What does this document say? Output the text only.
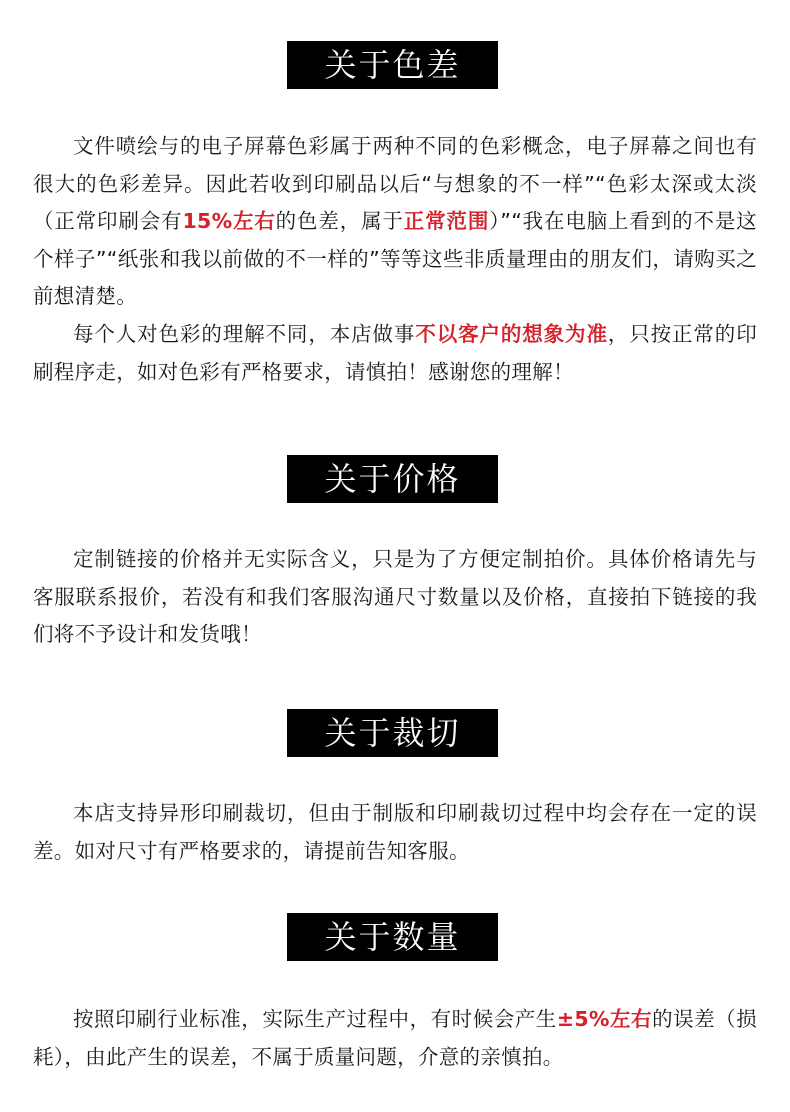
关于色差

文件喷绘与的电子屏幕色彩属于两种不同的色彩概念，电子屏幕之间也有很大的色彩差异。因此若收到印刷品以后“与想象的不一样”“色彩太深或太淡（正常印刷会有15%左右的色差，属于正常范围）”“我在电脑上看到的不是这个样子”“纸张和我以前做的不一样的”等等这些非质量理由的朋友们，请购买之前想清楚。

每个人对色彩的理解不同，本店做事不以客户的想象为准，只按正常的印刷程序走，如对色彩有严格要求，请慎拍！感谢您的理解！

关于价格

定制链接的价格并无实际含义，只是为了方便定制拍价。具体价格请先与客服联系报价，若没有和我们客服沟通尺寸数量以及价格，直接拍下链接的我们将不予设计和发货哦！

关于裁切

本店支持异形印刷裁切，但由于制版和印刷裁切过程中均会存在一定的误差。如对尺寸有严格要求的，请提前告知客服。

关于数量

按照印刷行业标准，实际生产过程中，有时候会产生±5%左右的误差（损耗），由此产生的误差，不属于质量问题，介意的亲慎拍。
